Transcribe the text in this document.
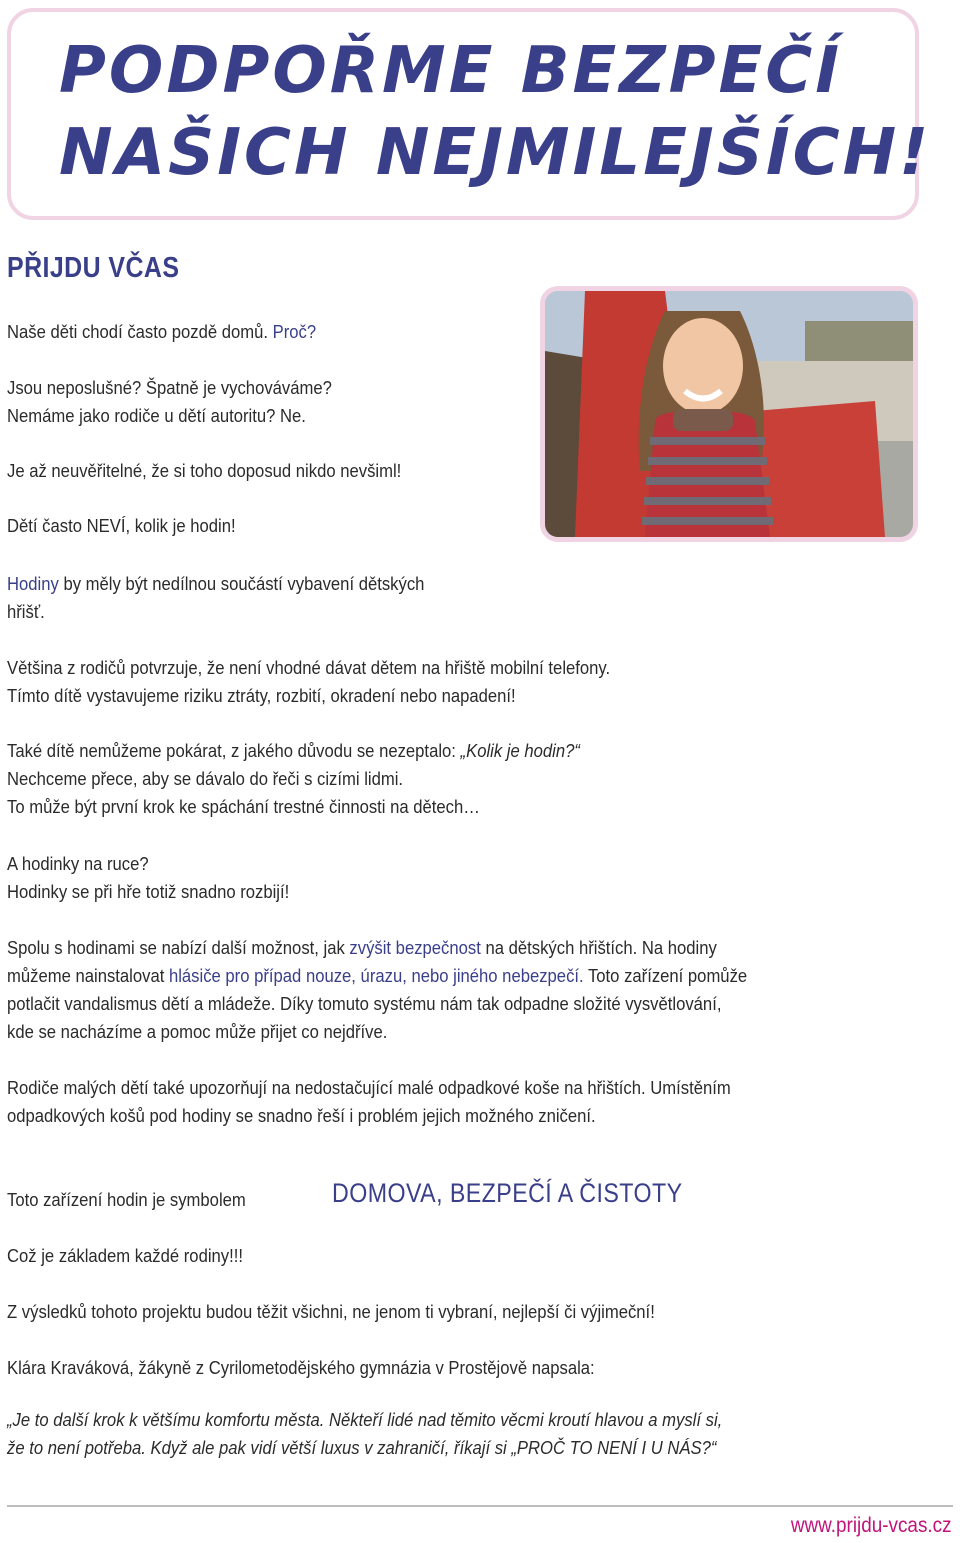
PODPOŘME BEZPEČÍ
NAŠICH NEJMILEJŠÍCH!
PŘIJDU VČAS

Naše děti chodí často pozdě domů. Proč?

Jsou neposlušné? Špatně je vychováváme?

Nemáme jako rodiče u dětí autoritu? Ne.

Je až neuvěřitelné, že si toho doposud nikdo nevšiml!

Dětí často NEVÍ, kolik je hodin!

Hodiny by měly být nedílnou součástí vybavení dětských

hřišť.

Většina z rodičů potvrzuje, že není vhodné dávat dětem na hřiště mobilní telefony.

Tímto dítě vystavujeme riziku ztráty, rozbití, okradení nebo napadení!

Také dítě nemůžeme pokárat, z jakého důvodu se nezeptalo: „Kolik je hodin?“

Nechceme přece, aby se dávalo do řeči s cizími lidmi.

To může být první krok ke spáchání trestné činnosti na dětech…

A hodinky na ruce?

Hodinky se při hře totiž snadno rozbijí!

Spolu s hodinami se nabízí další možnost, jak zvýšit bezpečnost na dětských hřištích. Na hodiny

můžeme nainstalovat hlásiče pro případ nouze, úrazu, nebo jiného nebezpečí. Toto zařízení pomůže

potlačit vandalismus dětí a mládeže. Díky tomuto systému nám tak odpadne složité vysvětlování,

kde se nacházíme a pomoc může přijet co nejdříve.

Rodiče malých dětí také upozorňují na nedostačující malé odpadkové koše na hřištích. Umístěním

odpadkových košů pod hodiny se snadno řeší i problém jejich možného zničení.

Toto zařízení hodin je symbolem	DOMOVA, BEZPEČÍ A ČISTOTY

Což je základem každé rodiny!!!

Z výsledků tohoto projektu budou těžit všichni, ne jenom ti vybraní, nejlepší či výjimeční!

Klára Kraváková, žákyně z Cyrilometodějského gymnázia v Prostějově napsala:

„Je to další krok k většímu komfortu města. Někteří lidé nad těmito věcmi kroutí hlavou a myslí si,

že to není potřeba. Když ale pak vidí větší luxus v zahraničí, říkají si „PROČ TO NENÍ I U NÁS?“

www.prijdu-vcas.cz
